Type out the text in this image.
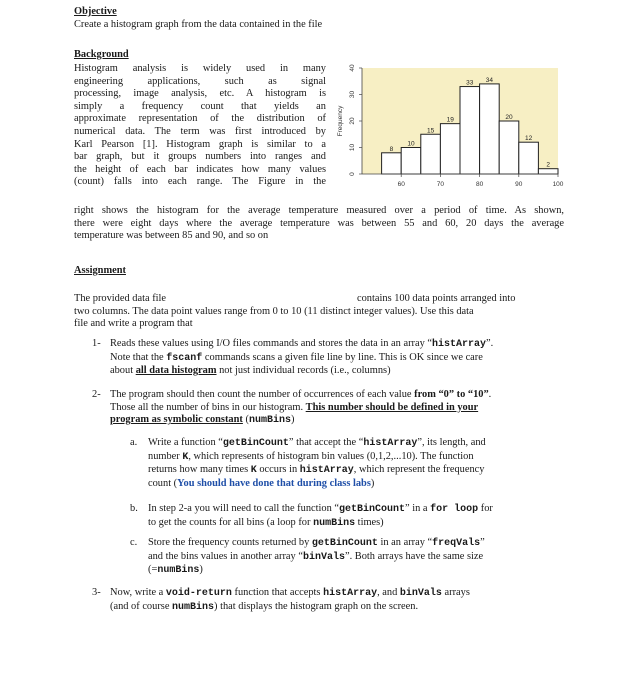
Objective
Create a histogram graph from the data contained in the file
Background
Histogram analysis is widely used in many
engineering applications, such as signal
processing, image analysis, etc. A histogram is
simply a frequency count that yields an
approximate representation of the distribution of
numerical data. The term was first introduced by
Karl Pearson [1]. Histogram graph is similar to a
bar graph, but it groups numbers into ranges and
the height of each bar indicates how many values
(count) falls into each range. The Figure in the
right shows the histogram for the average temperature measured over a period of time. As shown,
there were eight days where the average temperature was between 55 and 60, 20 days the average
temperature was between 85 and 90, and so on
8
10
15
19
33 34
20
12
2
60	70	80	90	100
0
10
20
30
40
Frequency
Assignment
The provided data file	contains 100 data points arranged into
two columns. The data point values range from 0 to 10 (11 distinct integer values). Use this data
file and write a program that
1- Reads these values using I/O files commands and stores the data in an array “histArray”.
Note that the fscanf commands scans a given file line by line. This is OK since we care
about all data histogram not just individual records (i.e., columns)
2- The program should then count the number of occurrences of each value from “0” to “10”.
Those all the number of bins in our histogram. This number should be defined in your
program as symbolic constant (numBins)
a. Write a function “getBinCount” that accept the “histArray”, its length, and
number K, which represents of histogram bin values (0,1,2,...10). The function
returns how many times K occurs in histArray, which represent the frequency
count (You should have done that during class labs)
b. In step 2-a you will need to call the function “getBinCount” in a for loop for
to get the counts for all bins (a loop for numBins times)
c. Store the frequency counts returned by getBinCount in an array “freqVals”
and the bins values in another array “binVals”. Both arrays have the same size
(=numBins)
3- Now, write a void-return function that accepts histArray, and binVals arrays
(and of course numBins) that displays the histogram graph on the screen.
